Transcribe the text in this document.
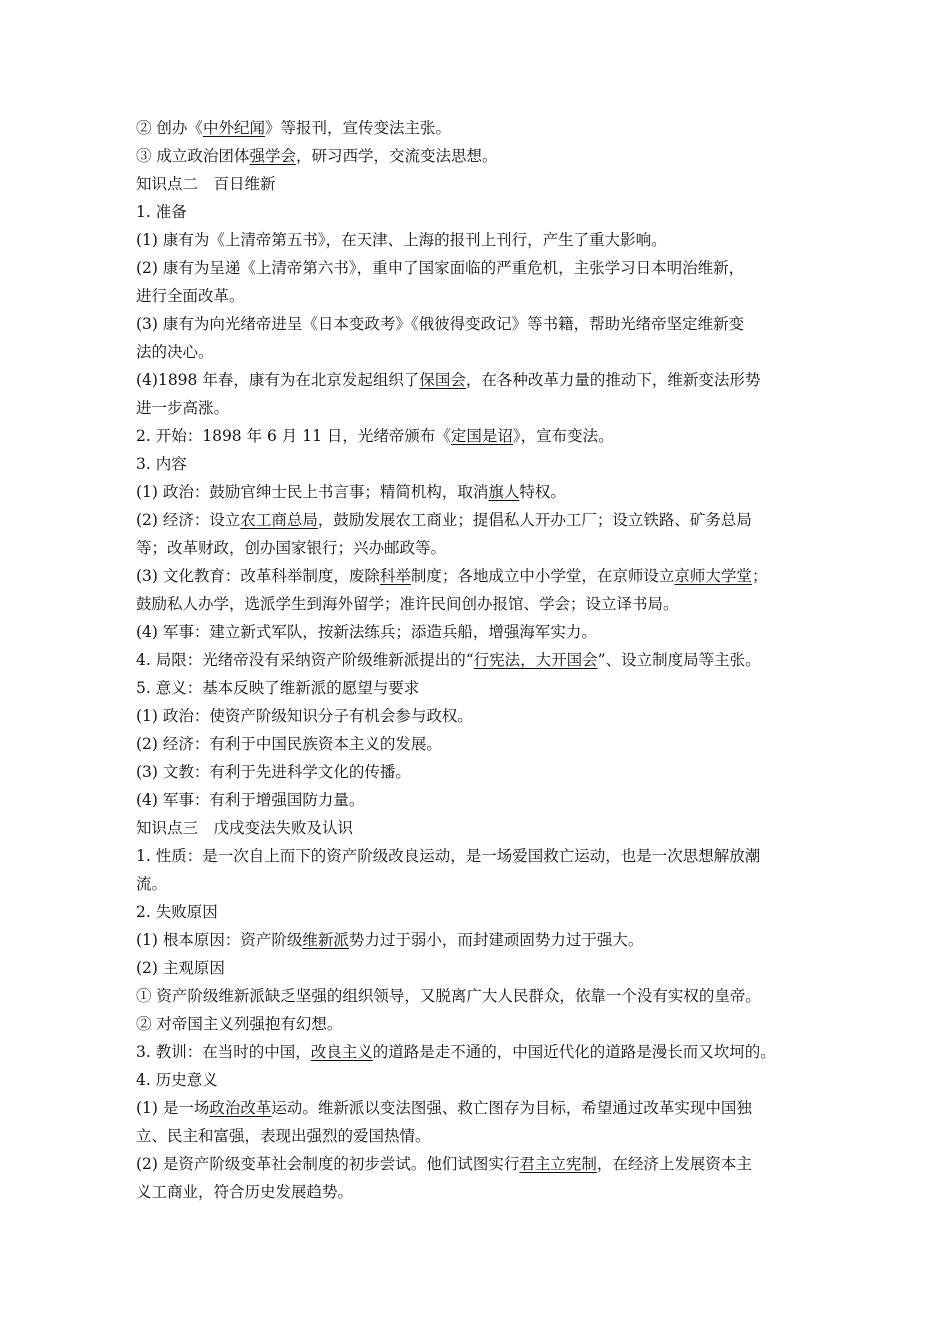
② 创办《中外纪闻》等报刊，宣传变法主张。
③ 成立政治团体强学会，研习西学，交流变法思想。
知识点二　百日维新
1. 准备
(1) 康有为《上清帝第五书》，在天津、上海的报刊上刊行，产生了重大影响。
(2) 康有为呈递《上清帝第六书》，重申了国家面临的严重危机，主张学习日本明治维新，
进行全面改革。
(3) 康有为向光绪帝进呈《日本变政考》《俄彼得变政记》等书籍，帮助光绪帝坚定维新变
法的决心。
(4)1898 年春，康有为在北京发起组织了保国会，在各种改革力量的推动下，维新变法形势
进一步高涨。
2. 开始：1898 年 6 月 11 日，光绪帝颁布《定国是诏》，宣布变法。
3. 内容
(1) 政治：鼓励官绅士民上书言事；精简机构，取消旗人特权。
(2) 经济：设立农工商总局，鼓励发展农工商业；提倡私人开办工厂；设立铁路、矿务总局
等；改革财政，创办国家银行；兴办邮政等。
(3) 文化教育：改革科举制度，废除科举制度；各地成立中小学堂，在京师设立京师大学堂；
鼓励私人办学，选派学生到海外留学；准许民间创办报馆、学会；设立译书局。
(4) 军事：建立新式军队，按新法练兵；添造兵船，增强海军实力。
4. 局限：光绪帝没有采纳资产阶级维新派提出的“行宪法，大开国会”、设立制度局等主张。
5. 意义：基本反映了维新派的愿望与要求
(1) 政治：使资产阶级知识分子有机会参与政权。
(2) 经济：有利于中国民族资本主义的发展。
(3) 文教：有利于先进科学文化的传播。
(4) 军事：有利于增强国防力量。
知识点三　戊戌变法失败及认识
1. 性质：是一次自上而下的资产阶级改良运动，是一场爱国救亡运动，也是一次思想解放潮
流。
2. 失败原因
(1) 根本原因：资产阶级维新派势力过于弱小，而封建顽固势力过于强大。
(2) 主观原因
① 资产阶级维新派缺乏坚强的组织领导，又脱离广大人民群众，依靠一个没有实权的皇帝。
② 对帝国主义列强抱有幻想。
3. 教训：在当时的中国，改良主义的道路是走不通的，中国近代化的道路是漫长而又坎坷的。
4. 历史意义
(1) 是一场政治改革运动。维新派以变法图强、救亡图存为目标，希望通过改革实现中国独
立、民主和富强，表现出强烈的爱国热情。
(2) 是资产阶级变革社会制度的初步尝试。他们试图实行君主立宪制，在经济上发展资本主
义工商业，符合历史发展趋势。
